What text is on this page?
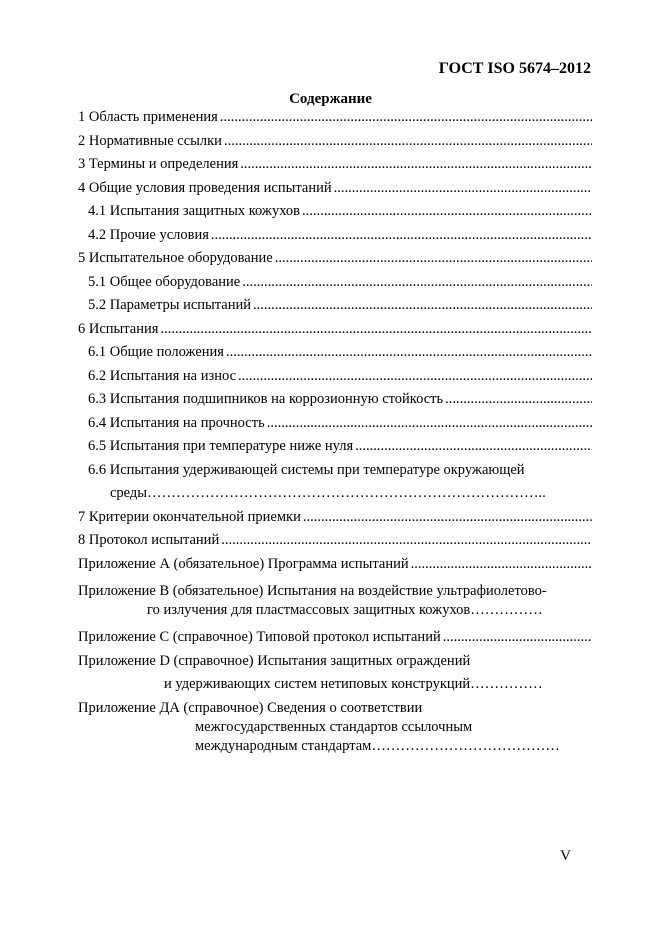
ГОСТ ISO 5674–2012
Содержание
1 Область применения
.....
2 Нормативные ссылки
.....
3 Термины и определения
.....
4 Общие условия проведения испытаний
.....
4.1 Испытания защитных кожухов
.....
4.2 Прочие условия
.....
5 Испытательное оборудование
.....
5.1 Общее оборудование
.....
5.2 Параметры испытаний
.....
6 Испытания
.....
6.1 Общие положения
.....
6.2 Испытания на износ
.....
6.3 Испытания подшипников на коррозионную стойкость
.....
6.4 Испытания на прочность
.....
6.5 Испытания при температуре ниже нуля
.....
6.6 Испытания удерживающей системы при температуре окружающей
среды………………………………………………………………………..
7 Критерии окончательной приемки
.....
8 Протокол испытаний
.....
Приложение А (обязательное) Программа испытаний
.....
Приложение В (обязательное) Испытания на воздействие ультрафиолетово-
го излучения для пластмассовых защитных кожухов……………
Приложение С (справочное) Типовой протокол испытаний
.....
Приложение D (справочное) Испытания защитных ограждений
и удерживающих систем нетиповых конструкций……………
Приложение ДА (справочное) Сведения о соответствии
межгосударственных стандартов ссылочным
международным стандартам…………………………………
V
